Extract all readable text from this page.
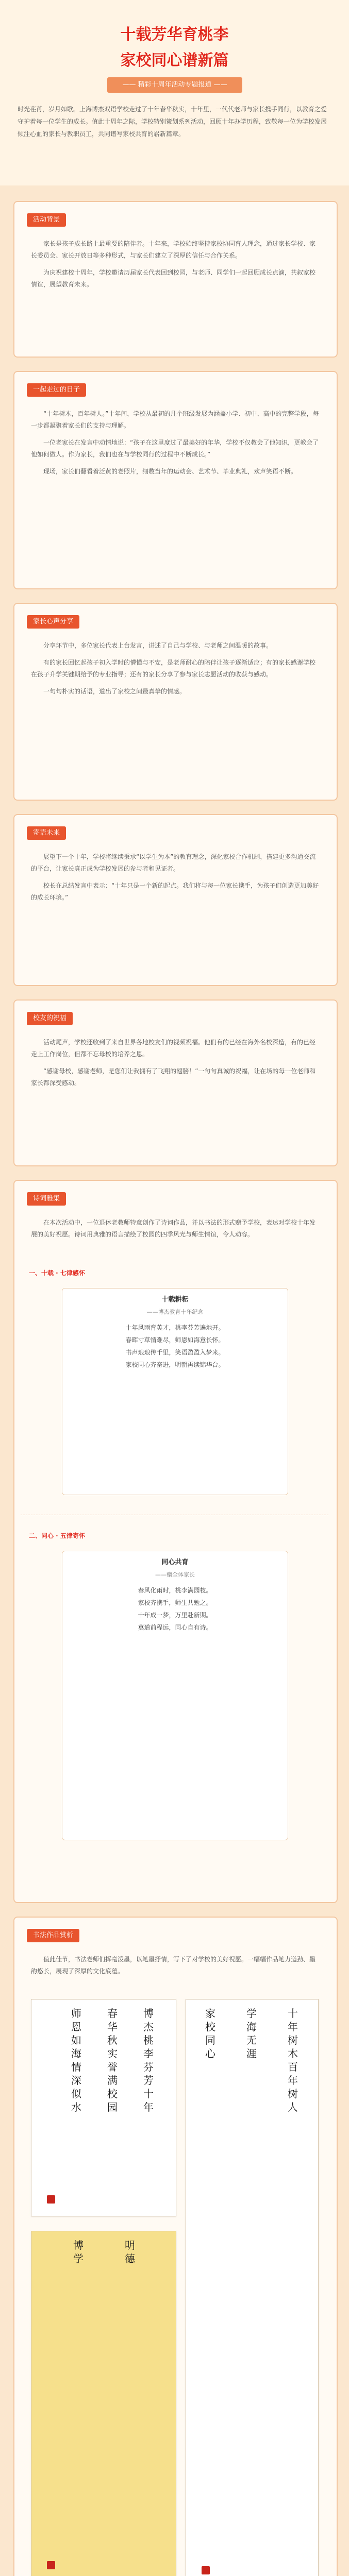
十载芳华育桃李
家校同心谱新篇
—— 精彩十周年活动专题报道 ——
时光荏苒，岁月如歌。上海博杰双语学校走过了十年春华秋实，十年里，一代代老师与家长携手同行，以教育之爱守护着每一位学生的成长。值此十周年之际，学校特别策划系列活动，回顾十年办学历程，致敬每一位为学校发展倾注心血的家长与教职员工，共同谱写家校共育的崭新篇章。
活动背景

家长是孩子成长路上最重要的陪伴者。十年来，学校始终坚持家校协同育人理念，通过家长学校、家长委员会、家长开放日等多种形式，与家长们建立了深厚的信任与合作关系。

为庆祝建校十周年，学校邀请历届家长代表回到校园，与老师、同学们一起回顾成长点滴，共叙家校情谊，展望教育未来。

一起走过的日子

“十年树木，百年树人。”十年间，学校从最初的几个班级发展为涵盖小学、初中、高中的完整学段，每一步都凝聚着家长们的支持与理解。

一位老家长在发言中动情地说：“孩子在这里度过了最美好的年华，学校不仅教会了他知识，更教会了他如何做人。作为家长，我们也在与学校同行的过程中不断成长。”

现场，家长们翻看着泛黄的老照片，细数当年的运动会、艺术节、毕业典礼，欢声笑语不断。

家长心声分享

分享环节中，多位家长代表上台发言，讲述了自己与学校、与老师之间温暖的故事。

有的家长回忆起孩子初入学时的懵懂与不安，是老师耐心的陪伴让孩子逐渐适应；有的家长感谢学校在孩子升学关键期给予的专业指导；还有的家长分享了参与家长志愿活动的收获与感动。

一句句朴实的话语，道出了家校之间最真挚的情感。

寄语未来

展望下一个十年，学校将继续秉承“以学生为本”的教育理念，深化家校合作机制，搭建更多沟通交流的平台，让家长真正成为学校发展的参与者和见证者。

校长在总结发言中表示：“十年只是一个新的起点。我们将与每一位家长携手，为孩子们创造更加美好的成长环境。”

校友的祝福

活动尾声，学校还收到了来自世界各地校友们的视频祝福。他们有的已经在海外名校深造，有的已经走上工作岗位，但都不忘母校的培养之恩。

“感谢母校，感谢老师，是您们让我拥有了飞翔的翅膀！”一句句真诚的祝福，让在场的每一位老师和家长都深受感动。

诗词雅集

在本次活动中，一位退休老教师特意创作了诗词作品，并以书法的形式赠予学校，表达对学校十年发展的美好祝愿。诗词用典雅的语言描绘了校园的四季风光与师生情谊，令人动容。

一、十载 · 七律感怀
十载耕耘
——博杰教育十年纪念
十年风雨育英才，桃李芬芳遍地开。
春晖寸草情难尽，师恩如海意长怀。
书声琅琅传千里，笑语盈盈入梦来。
家校同心齐奋进，明朝再续锦华台。
二、同心 · 五律寄怀
同心共育
——赠全体家长
春风化雨时，桃李满园枝。
家校齐携手，师生共勉之。
十年成一梦，万里赴新期。
莫道前程远，同心自有诗。
书法作品赏析

值此佳节，书法老师们挥毫泼墨，以笔墨抒情，写下了对学校的美好祝愿。一幅幅作品笔力遒劲、墨韵悠长，展现了深厚的文化底蕴。

博杰桃李芬芳十年
春华秋实誉满校园
师恩如海情深似水
十年树木百年树人
学海无涯
家校同心
明德
博学
